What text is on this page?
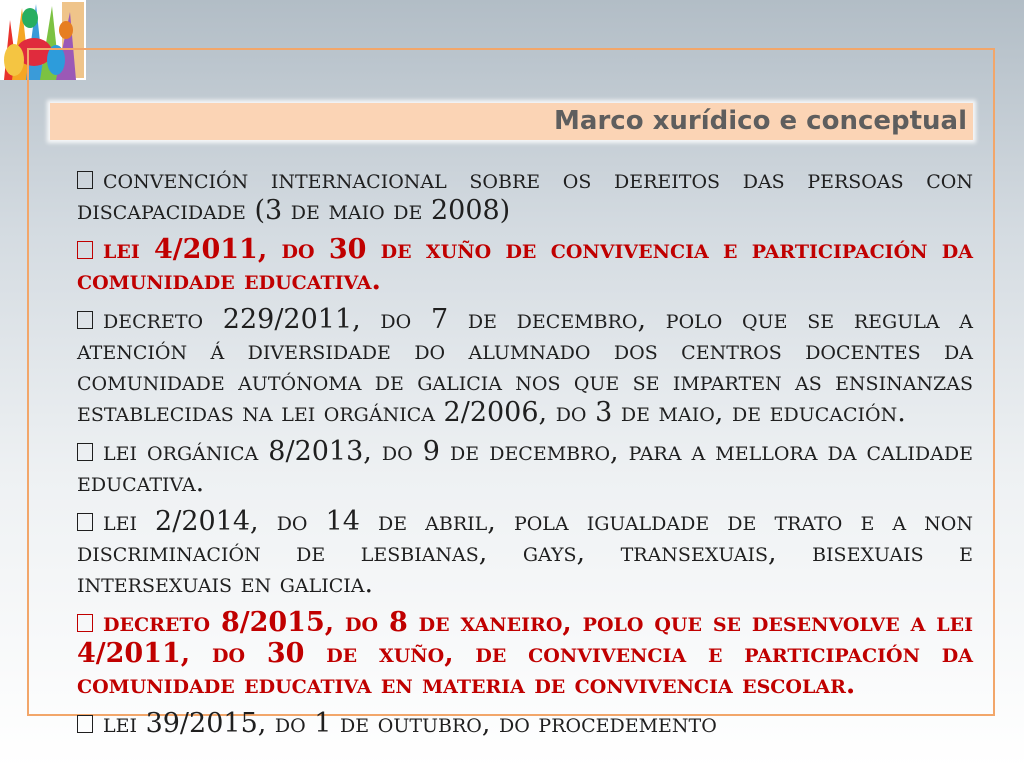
Marco xurídico e conceptual

convención internacional sobre os dereitos das persoas con discapacidade (3 de maio de 2008)

lei 4/2011, do 30 de xuño de convivencia e participación da comunidade educativa.

decreto 229/2011, do 7 de decembro, polo que se regula a atención á diversidade do alumnado dos centros docentes da comunidade autónoma de galicia nos que se imparten as ensinanzas establecidas na lei orgánica 2/2006, do 3 de maio, de educación.

lei orgánica 8/2013, do 9 de decembro, para a mellora da calidade educativa.

lei 2/2014, do 14 de abril, pola igualdade de trato e a non discriminación de lesbianas, gays, transexuais, bisexuais e intersexuais en galicia.

decreto 8/2015, do 8 de xaneiro, polo que se desenvolve a lei 4/2011, do 30 de xuño, de convivencia e participación da comunidade educativa en materia de convivencia escolar.

lei 39/2015, do 1 de outubro, do procedemento
